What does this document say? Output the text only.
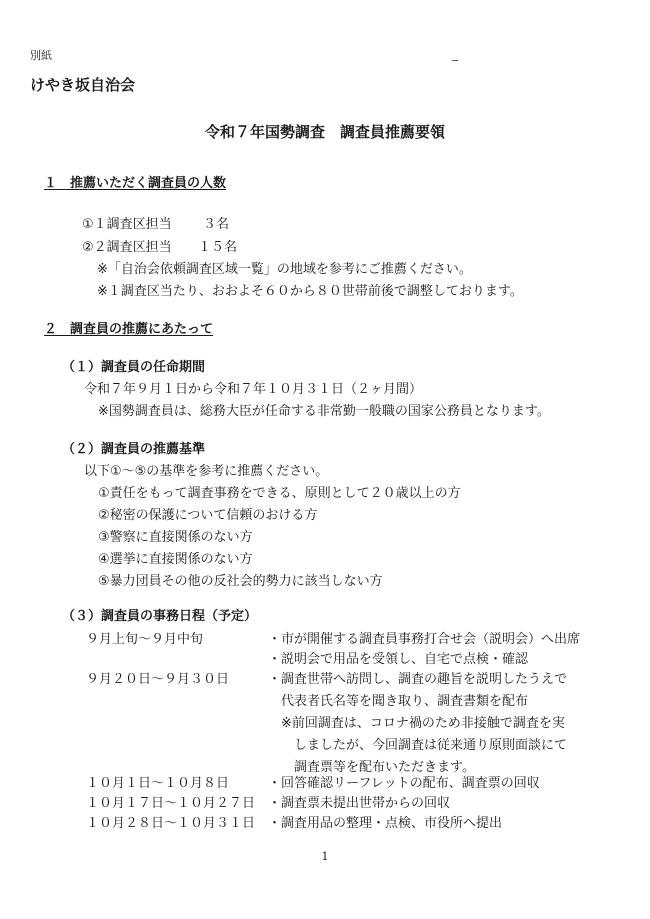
別紙
けやき坂自治会
令和７年国勢調査　調査員推薦要領
１　推薦いただく調査員の人数
①１調査区担当 ３名
②２調査区担当 １５名
※「自治会依頼調査区域一覧」の地域を参考にご推薦ください。
※１調査区当たり、おおよそ６０から８０世帯前後で調整しております。
２　調査員の推薦にあたって
（１）調査員の任命期間
令和７年９月１日から令和７年１０月３１日（２ヶ月間）
※国勢調査員は、総務大臣が任命する非常勤一般職の国家公務員となります。
（２）調査員の推薦基準
以下①～⑤の基準を参考に推薦ください。
①責任をもって調査事務をできる、原則として２０歳以上の方
②秘密の保護について信頼のおける方
③警察に直接関係のない方
④選挙に直接関係のない方
⑤暴力団員その他の反社会的勢力に該当しない方
（３）調査員の事務日程（予定）
９月上旬～９月中旬	・市が開催する調査員事務打合せ会（説明会）へ出席
・説明会で用品を受領し、自宅で点検・確認
９月２０日～９月３０日	・調査世帯へ訪問し、調査の趣旨を説明したうえで
　代表者氏名等を聞き取り、調査書類を配布
　※前回調査は、コロナ禍のため非接触で調査を実
　　しましたが、今回調査は従来通り原則面談にて
　　調査票等を配布いただきます。
１０月１日～１０月８日	・回答確認リーフレットの配布、調査票の回収
１０月１７日～１０月２７日 ・調査票未提出世帯からの回収
１０月２８日～１０月３１日 ・調査用品の整理・点検、市役所へ提出
1
